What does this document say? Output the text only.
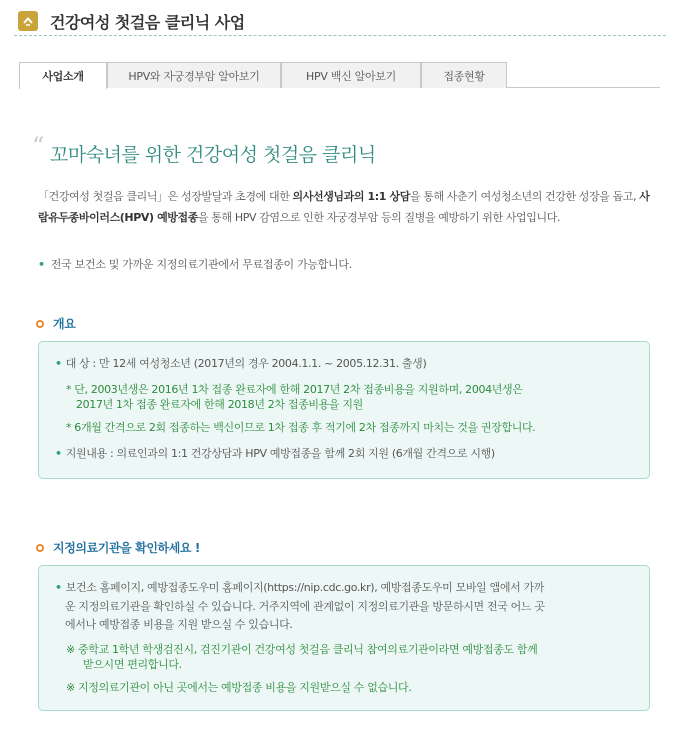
건강여성 첫걸음 클리닉 사업
사업소개	HPV와 자궁경부암 알아보기	HPV 백신 알아보기	접종현황
“ 꼬마숙녀를 위한 건강여성 첫걸음 클리닉
「건강여성 첫걸음 클리닉」은 성장발달과 초경에 대한 의사선생님과의 1:1 상담을 통해 사춘기 여성청소년의 건강한 성장을 돕고, 사람유두종바이러스(HPV) 예방접종을 통해 HPV 감염으로 인한 자궁경부암 등의 질병을 예방하기 위한 사업입니다.
• 전국 보건소 및 가까운 지정의료기관에서 무료접종이 가능합니다.
개요
• 대 상 : 만 12세 여성청소년 (2017년의 경우 2004.1.1. ~ 2005.12.31. 출생)
* 단, 2003년생은 2016년 1차 접종 완료자에 한해 2017년 2차 접종비용을 지원하며, 2004년생은
2017년 1차 접종 완료자에 한해 2018년 2차 접종비용을 지원
* 6개월 간격으로 2회 접종하는 백신이므로 1차 접종 후 적기에 2차 접종까지 마치는 것을 권장합니다.
• 지원내용 : 의료인과의 1:1 건강상담과 HPV 예방접종을 함께 2회 지원 (6개월 간격으로 시행)
지정의료기관을 확인하세요 !
• 보건소 홈페이지, 예방접종도우미 홈페이지(https://nip.cdc.go.kr), 예방접종도우미 모바일 앱에서 가까
운 지정의료기관을 확인하실 수 있습니다. 거주지역에 관계없이 지정의료기관을 방문하시면 전국 어느 곳
에서나 예방접종 비용을 지원 받으실 수 있습니다.
※ 중학교 1학년 학생검진시, 검진기관이 건강여성 첫걸음 클리닉 참여의료기관이라면 예방접종도 함께
받으시면 편리합니다.
※ 지정의료기관이 아닌 곳에서는 예방접종 비용을 지원받으실 수 없습니다.
